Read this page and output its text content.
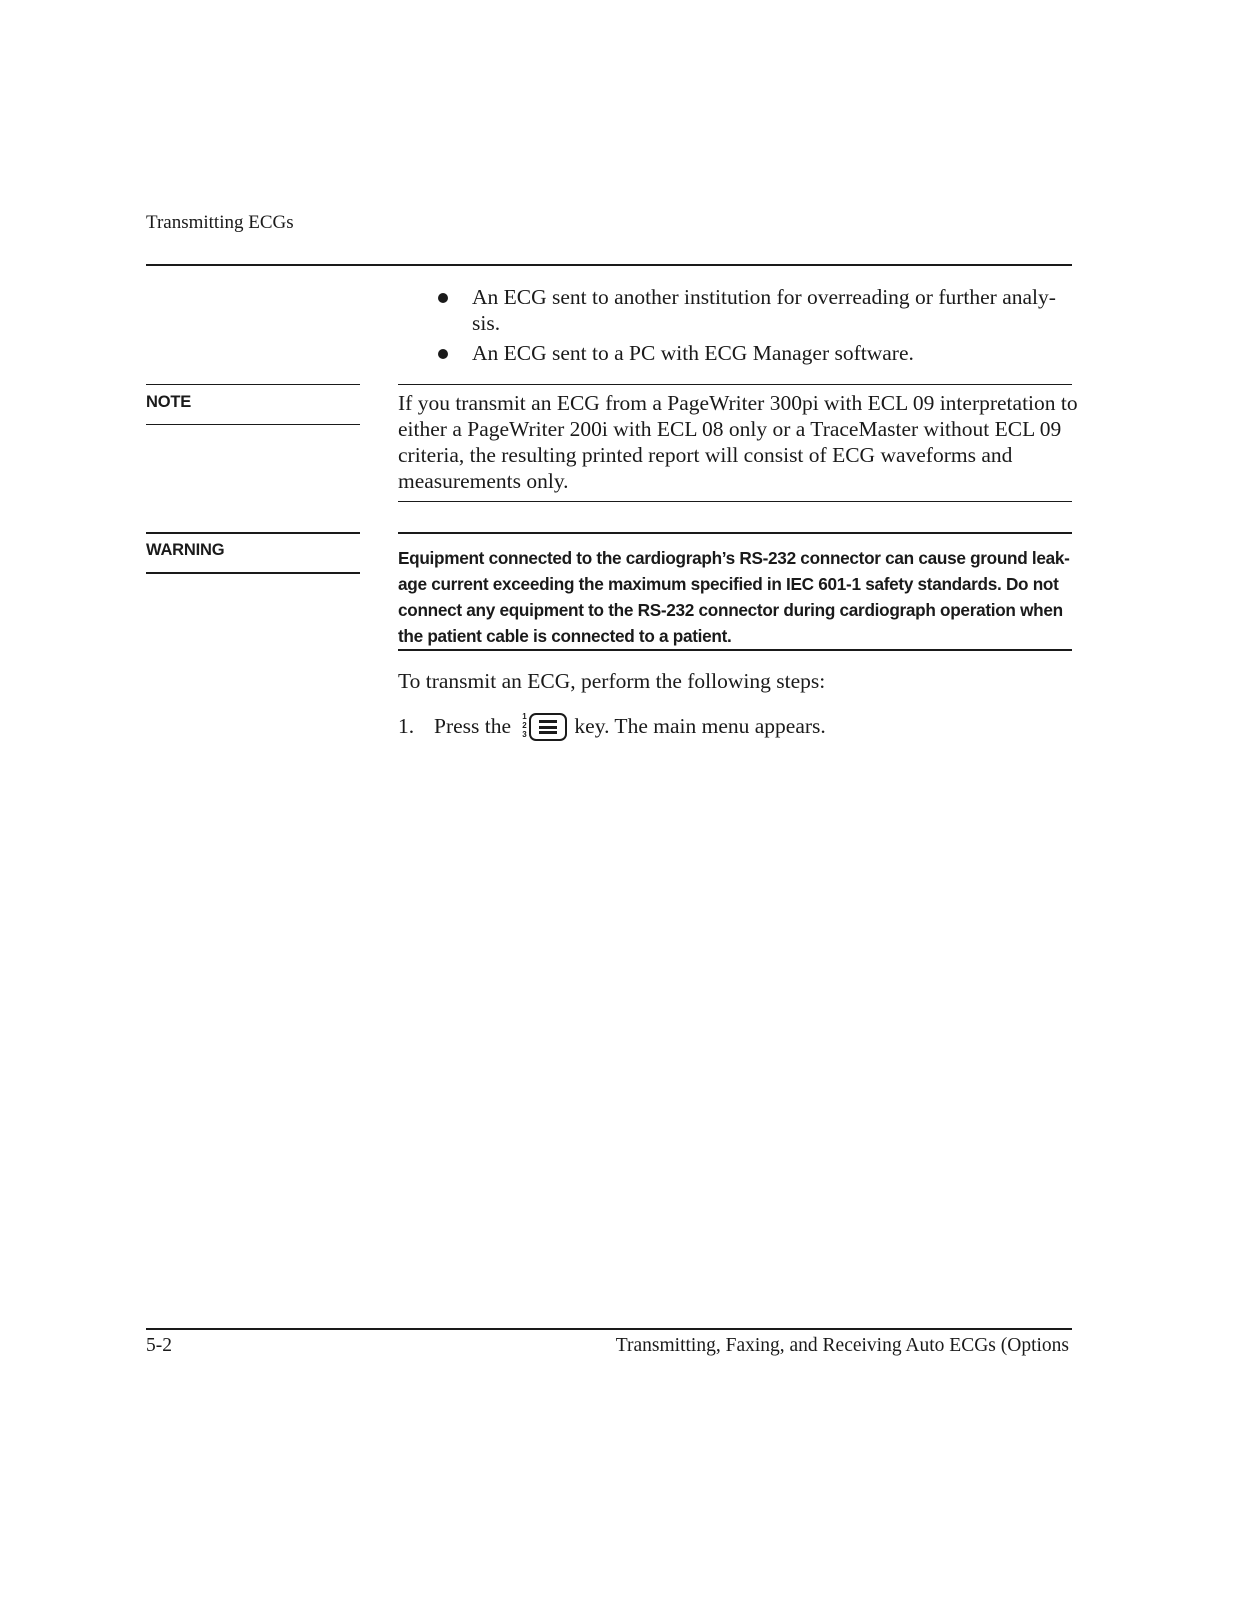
Transmitting ECGs
An ECG sent to another institution for overreading or further analy-
sis.
An ECG sent to a PC with ECG Manager software.
NOTE	If you transmit an ECG from a PageWriter 300pi with ECL 09 interpretation to either a PageWriter 200i with ECL 08 only or a TraceMaster without ECL 09 criteria, the resulting printed report will consist of ECG waveforms and measurements only.
WARNING	Equipment connected to the cardiograph’s RS-232 connector can cause ground leak-age current exceeding the maximum specified in IEC 601-1 safety standards. Do not connect any equipment to the RS-232 connector during cardiograph operation when the patient cable is connected to a patient.
To transmit an ECG, perform the following steps:
1. Press the 1
2
3 key. The main menu appears.
5-2	Transmitting, Faxing, and Receiving Auto ECGs (Options
